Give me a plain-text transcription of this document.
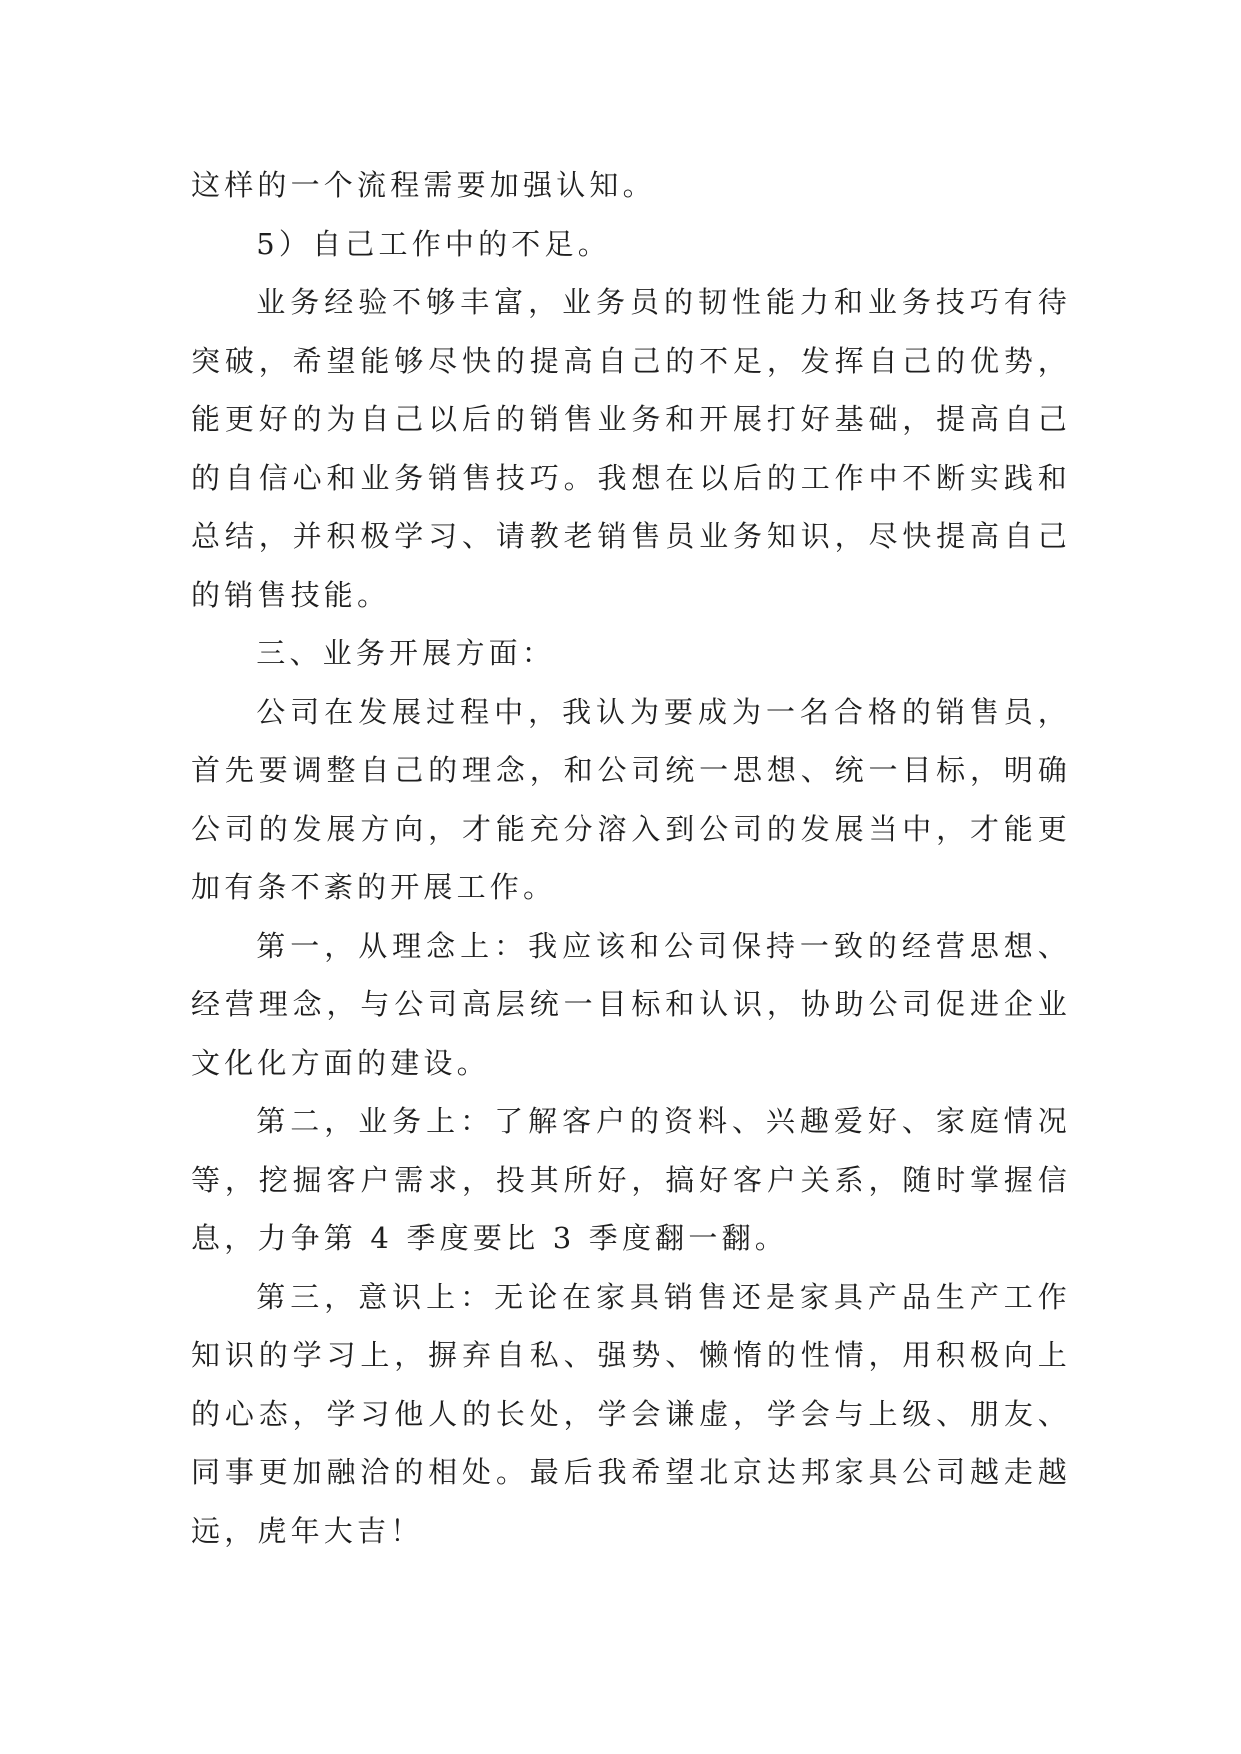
这样的一个流程需要加强认知。

5）自己工作中的不足。

业务经验不够丰富，业务员的韧性能力和业务技巧有待突破，希望能够尽快的提高自己的不足，发挥自己的优势，能更好的为自己以后的销售业务和开展打好基础，提高自己的自信心和业务销售技巧。我想在以后的工作中不断实践和总结，并积极学习、请教老销售员业务知识，尽快提高自己的销售技能。

三、业务开展方面：

公司在发展过程中，我认为要成为一名合格的销售员，首先要调整自己的理念，和公司统一思想、统一目标，明确公司的发展方向，才能充分溶入到公司的发展当中，才能更加有条不紊的开展工作。

第一，从理念上：我应该和公司保持一致的经营思想、经营理念，与公司高层统一目标和认识，协助公司促进企业文化化方面的建设。

第二，业务上：了解客户的资料、兴趣爱好、家庭情况等，挖掘客户需求，投其所好，搞好客户关系，随时掌握信息，力争第 4 季度要比 3 季度翻一翻。

第三，意识上：无论在家具销售还是家具产品生产工作知识的学习上，摒弃自私、强势、懒惰的性情，用积极向上的心态，学习他人的长处，学会谦虚，学会与上级、朋友、同事更加融洽的相处。最后我希望北京达邦家具公司越走越远，虎年大吉！
